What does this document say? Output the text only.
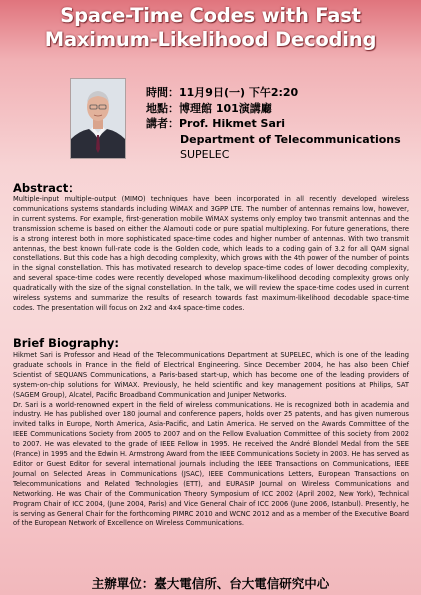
Space-Time Codes with Fast
Maximum-Likelihood Decoding
時間：11月9日(一) 下午2:20
地點：博理館 101演講廳
講者：Prof. Hikmet Sari
Department of Telecommunications
SUPELEC
Abstract：

Multiple-input multiple-output (MIMO) techniques have been incorporated in all recently developed wireless communications systems standards including WiMAX and 3GPP LTE. The number of antennas remains low, however, in current systems. For example, first-generation mobile WiMAX systems only employ two transmit antennas and the transmission scheme is based on either the Alamouti code or pure spatial multiplexing. For future generations, there is a strong interest both in more sophisticated space-time codes and higher number of antennas. With two transmit antennas, the best known full-rate code is the Golden code, which leads to a coding gain of 3.2 for all QAM signal constellations. But this code has a high decoding complexity, which grows with the 4th power of the number of points in the signal constellation. This has motivated research to develop space-time codes of lower decoding complexity, and several space-time codes were recently developed whose maximum-likelihood decoding complexity grows only quadratically with the size of the signal constellation. In the talk, we will review the space-time codes used in current wireless systems and summarize the results of research towards fast maximum-likelihood decodable space-time codes. The presentation will focus on 2x2 and 4x4 space-time codes.

Brief Biography:

Hikmet Sari is Professor and Head of the Telecommunications Department at SUPELEC, which is one of the leading graduate schools in France in the field of Electrical Engineering. Since December 2004, he has also been Chief Scientist of SEQUANS Communications, a Paris-based start-up, which has become one of the leading providers of system-on-chip solutions for WiMAX. Previously, he held scientific and key management positions at Philips, SAT (SAGEM Group), Alcatel, Pacific Broadband Communication and Juniper Networks.

Dr. Sari is a world-renowned expert in the field of wireless communications. He is recognized both in academia and industry. He has published over 180 journal and conference papers, holds over 25 patents, and has given numerous invited talks in Europe, North America, Asia-Pacific, and Latin America. He served on the Awards Committee of the IEEE Communications Society from 2005 to 2007 and on the Fellow Evaluation Committee of this society from 2002 to 2007. He was elevated to the grade of IEEE Fellow in 1995. He received the André Blondel Medal from the SEE (France) in 1995 and the Edwin H. Armstrong Award from the IEEE Communications Society in 2003. He has served as Editor or Guest Editor for several international journals including the IEEE Transactions on Communications, IEEE Journal on Selected Areas in Communications (JSAC), IEEE Communications Letters, European Transactions on Telecommunications and Related Technologies (ETT), and EURASIP Journal on Wireless Communications and Networking. He was Chair of the Communication Theory Symposium of ICC 2002 (April 2002, New York), Technical Program Chair of ICC 2004, (June 2004, Paris) and Vice General Chair of ICC 2006 (June 2006, Istanbul). Presently, he is serving as General Chair for the forthcoming PIMRC 2010 and WCNC 2012 and as a member of the Executive Board of the European Network of Excellence on Wireless Communications.

主辦單位：臺大電信所、台大電信研究中心
